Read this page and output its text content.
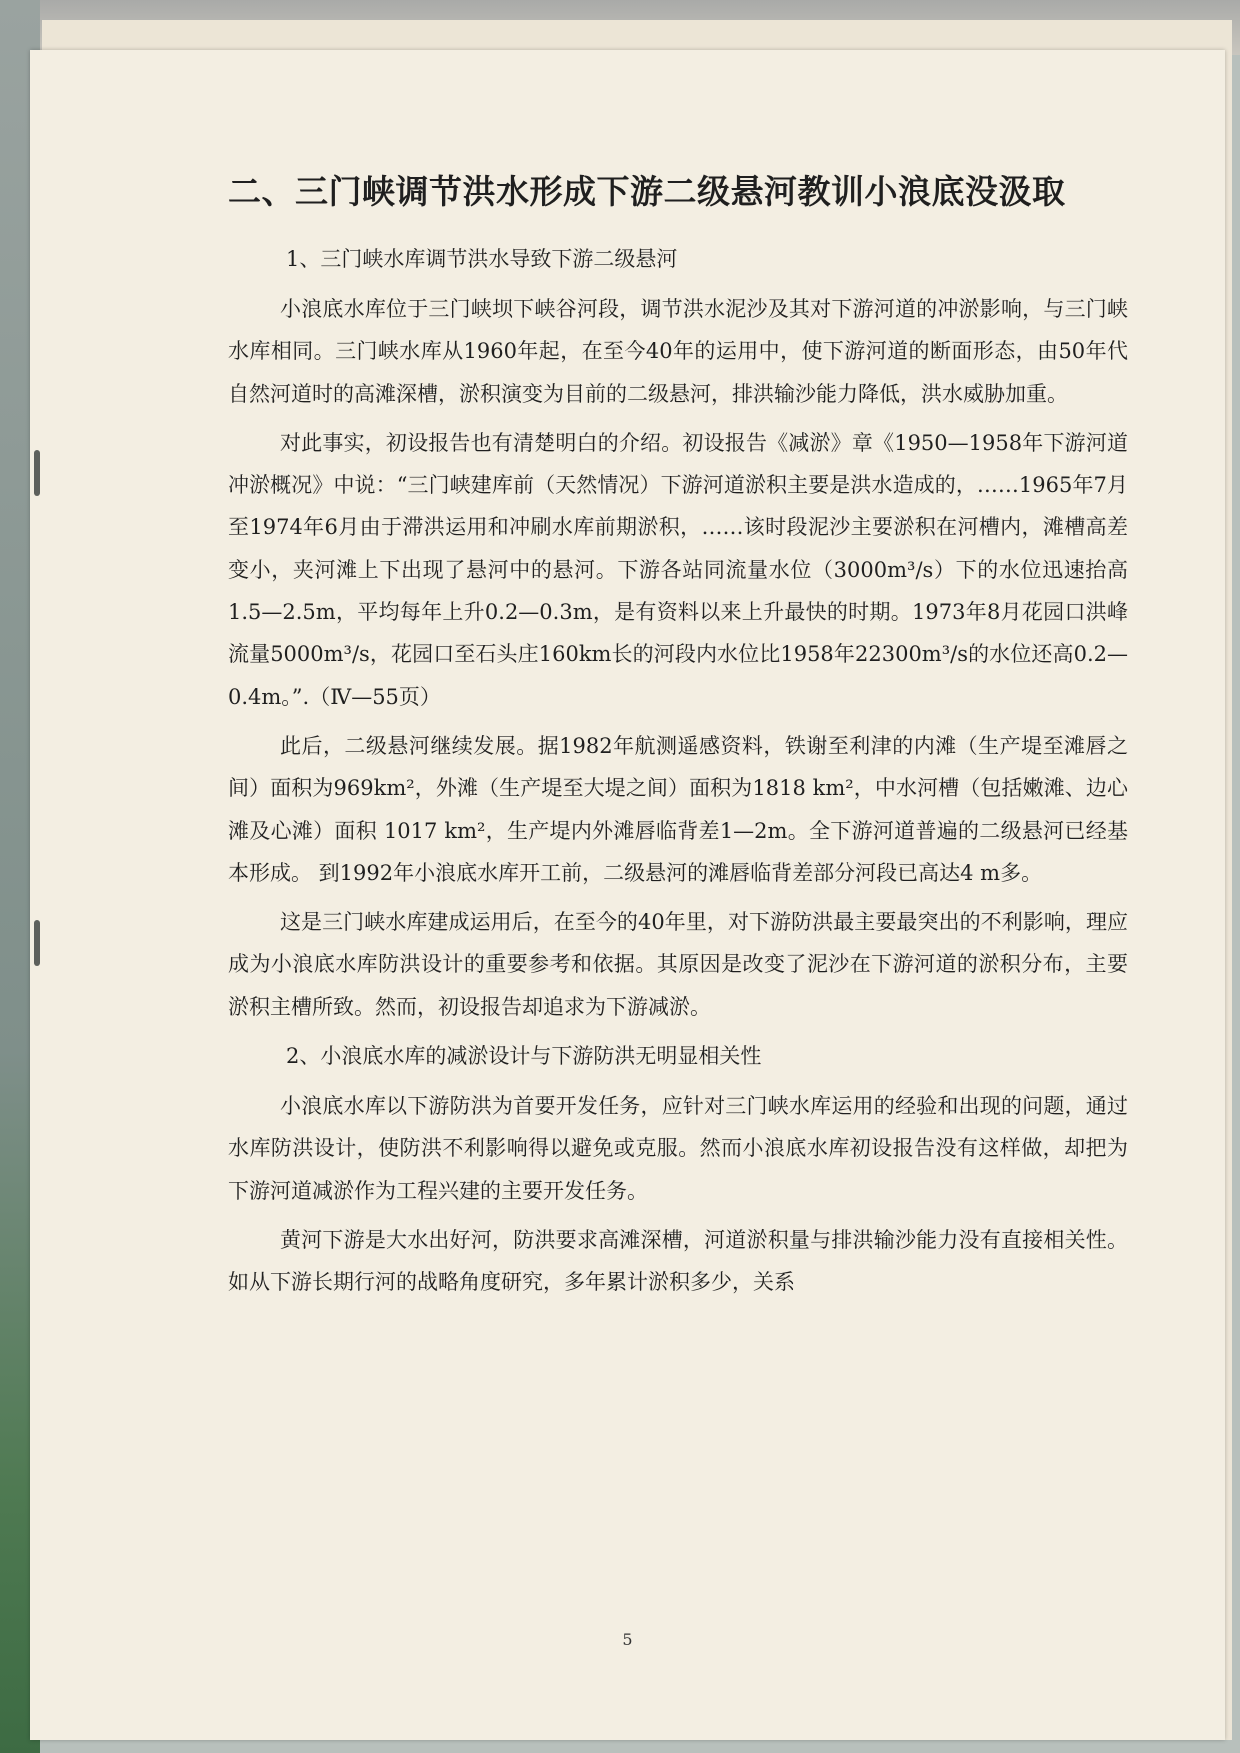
二、三门峡调节洪水形成下游二级悬河教训小浪底没汲取
1、三门峡水库调节洪水导致下游二级悬河

小浪底水库位于三门峡坝下峡谷河段，调节洪水泥沙及其对下游河道的冲淤影响，与三门峡水库相同。三门峡水库从1960年起，在至今40年的运用中，使下游河道的断面形态，由50年代自然河道时的高滩深槽，淤积演变为目前的二级悬河，排洪输沙能力降低，洪水威胁加重。

对此事实，初设报告也有清楚明白的介绍。初设报告《减淤》章《1950—1958年下游河道冲淤概况》中说：“三门峡建库前（天然情况）下游河道淤积主要是洪水造成的，……1965年7月至1974年6月由于滞洪运用和冲刷水库前期淤积，……该时段泥沙主要淤积在河槽内，滩槽高差变小，夹河滩上下出现了悬河中的悬河。下游各站同流量水位（3000m³/s）下的水位迅速抬高1.5—2.5m，平均每年上升0.2—0.3m，是有资料以来上升最快的时期。1973年8月花园口洪峰流量5000m³/s，花园口至石头庄160km长的河段内水位比1958年22300m³/s的水位还高0.2—0.4m。”.（Ⅳ—55页）

此后，二级悬河继续发展。据1982年航测遥感资料，铁谢至利津的内滩（生产堤至滩唇之间）面积为969km²，外滩（生产堤至大堤之间）面积为1818 km²，中水河槽（包括嫩滩、边心滩及心滩）面积 1017 km²，生产堤内外滩唇临背差1—2m。全下游河道普遍的二级悬河已经基本形成。 到1992年小浪底水库开工前，二级悬河的滩唇临背差部分河段已高达4 m多。

这是三门峡水库建成运用后，在至今的40年里，对下游防洪最主要最突出的不利影响，理应成为小浪底水库防洪设计的重要参考和依据。其原因是改变了泥沙在下游河道的淤积分布，主要淤积主槽所致。然而，初设报告却追求为下游减淤。

2、小浪底水库的减淤设计与下游防洪无明显相关性

小浪底水库以下游防洪为首要开发任务，应针对三门峡水库运用的经验和出现的问题，通过水库防洪设计，使防洪不利影响得以避免或克服。然而小浪底水库初设报告没有这样做，却把为下游河道减淤作为工程兴建的主要开发任务。

黄河下游是大水出好河，防洪要求高滩深槽，河道淤积量与排洪输沙能力没有直接相关性。如从下游长期行河的战略角度研究，多年累计淤积多少，关系

5
